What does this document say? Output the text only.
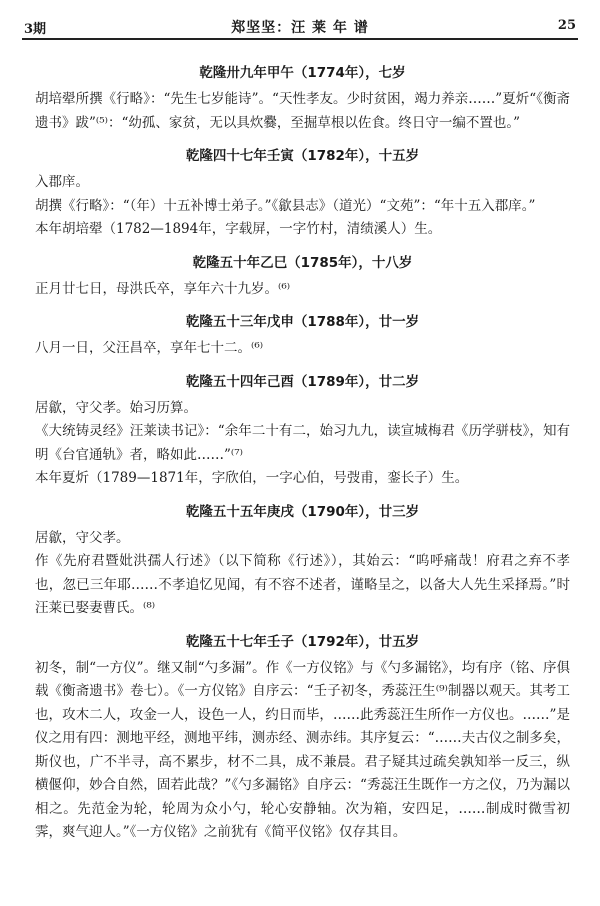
3期	郑坚坚：汪 莱 年 谱	25
乾隆卅九年甲午（1774年），七岁

胡培翚所撰《行略》：“先生七岁能诗”。“天性孝友。少时贫困，竭力养亲……”夏炘“《衡斋遗书》跋”⁽⁵⁾：“幼孤、家贫，无以具炊爨，至掘草根以佐食。终日守一编不置也。”

乾隆四十七年壬寅（1782年），十五岁

入郡庠。

胡撰《行略》：“（年）十五补博士弟子。”《歙县志》（道光）“文苑”：“年十五入郡庠。”

本年胡培翚（1782—1894年，字载屏，一字竹村，清绩溪人）生。

乾隆五十年乙巳（1785年），十八岁

正月廿七日，母洪氏卒，享年六十九岁。⁽⁶⁾

乾隆五十三年戊申（1788年），廿一岁

八月一日，父汪昌卒，享年七十二。⁽⁶⁾

乾隆五十四年己酉（1789年），廿二岁

居歙，守父孝。始习历算。

《大统铸灵经》汪莱读书记》：“余年二十有二，始习九九，读宣城梅君《历学骈枝》，知有明《台官通轨》者，略如此……”⁽⁷⁾

本年夏炘（1789—1871年，字欣伯，一字心伯，号弢甫，銮长子）生。

乾隆五十五年庚戌（1790年），廿三岁

居歙，守父孝。

作《先府君暨妣洪孺人行述》（以下简称《行述》），其始云：“呜呼痛哉！府君之弃不孝也，忽已三年耶……不孝追忆见闻，有不容不述者，谨略呈之，以备大人先生采择焉。”时汪莱已娶妻曹氏。⁽⁸⁾

乾隆五十七年壬子（1792年），廿五岁

初冬，制“一方仪”。继又制“勺多漏”。作《一方仪铭》与《勺多漏铭》，均有序（铭、序俱载《衡斋遗书》卷七）。《一方仪铭》自序云：“壬子初冬，秀蕊汪生⁽⁹⁾制器以观天。其考工也，攻木二人，攻金一人，设色一人，约日而毕，……此秀蕊汪生所作一方仪也。……”是仪之用有四：测地平经，测地平纬，测赤经、测赤纬。其序复云：“……夫古仪之制多矣，斯仪也，广不半寻，高不累步，材不二具，成不兼晨。君子疑其过疏矣孰知举一反三，纵横偃仰，妙合自然，固若此哉？”《勺多漏铭》自序云：“秀蕊汪生既作一方之仪，乃为漏以相之。先范金为轮，轮周为众小勺，轮心安静轴。次为箱，安四足，……制成时微雪初霁，爽气迎人。”《一方仪铭》之前犹有《简平仪铭》仅存其目。
